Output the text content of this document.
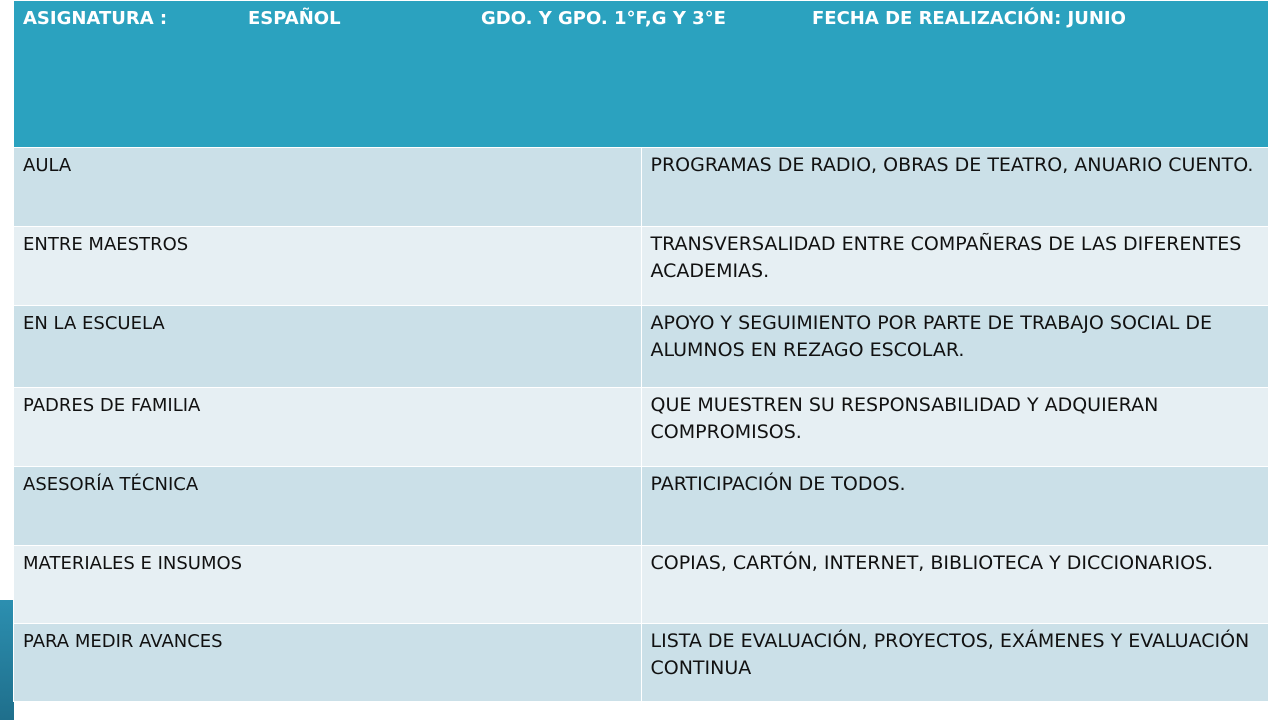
ASIGNATURA : ESPAÑOL GDO. Y GPO. 1°F,G Y 3°E FECHA DE REALIZACIÓN: JUNIO	
AULA	PROGRAMAS DE RADIO, OBRAS DE TEATRO, ANUARIO CUENTO.
ENTRE MAESTROS	TRANSVERSALIDAD ENTRE COMPAÑERAS DE LAS DIFERENTES ACADEMIAS.
EN LA ESCUELA	APOYO Y SEGUIMIENTO POR PARTE DE TRABAJO SOCIAL DE ALUMNOS EN REZAGO ESCOLAR.
PADRES DE FAMILIA	QUE MUESTREN SU RESPONSABILIDAD Y ADQUIERAN COMPROMISOS.
ASESORÍA TÉCNICA	PARTICIPACIÓN DE TODOS.
MATERIALES E INSUMOS	COPIAS, CARTÓN, INTERNET, BIBLIOTECA Y DICCIONARIOS.
PARA MEDIR AVANCES	LISTA DE EVALUACIÓN, PROYECTOS, EXÁMENES Y EVALUACIÓN CONTINUA
